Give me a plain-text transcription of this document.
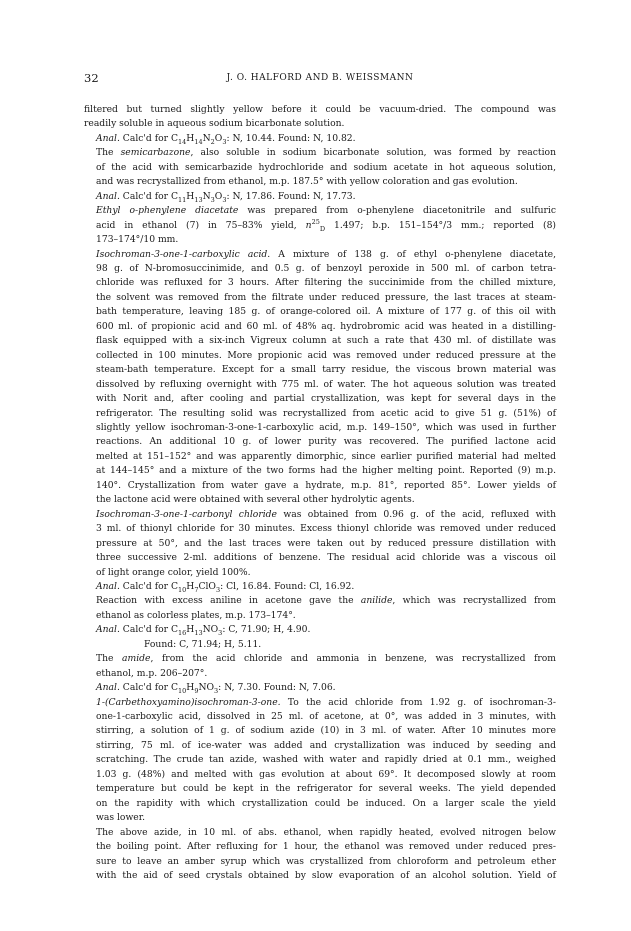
32	J. O. HALFORD AND B. WEISSMANN

filtered but turned slightly yellow before it could be vacuum-dried. The compound was
readily soluble in aqueous sodium bicarbonate solution.

Anal. Calc'd for $C_{14}H_{14}N_2O_3$: N, 10.44. Found: N, 10.82.

The semicarbazone, also soluble in sodium bicarbonate solution, was formed by reaction
of the acid with semicarbazide hydrochloride and sodium acetate in hot aqueous solution,
and was recrystallized from ethanol, m.p. 187.5° with yellow coloration and gas evolution.

Anal. Calc'd for $C_{11}H_{13}N_3O_3$: N, 17.86. Found: N, 17.73.

Ethyl o-phenylene diacetate was prepared from o-phenylene diacetonitrile and sulfuric
acid in ethanol (7) in 75–83% yield, $n^{25}_D$ 1.497; b.p. 151–154°/3 mm.; reported (8)
173–174°/10 mm.

Isochroman-3-one-1-carboxylic acid. A mixture of 138 g. of ethyl o-phenylene diacetate,
98 g. of N-bromosuccinimide, and 0.5 g. of benzoyl peroxide in 500 ml. of carbon tetra-
chloride was refluxed for 3 hours. After filtering the succinimide from the chilled mixture,
the solvent was removed from the filtrate under reduced pressure, the last traces at steam-
bath temperature, leaving 185 g. of orange-colored oil. A mixture of 177 g. of this oil with
600 ml. of propionic acid and 60 ml. of 48% aq. hydrobromic acid was heated in a distilling-
flask equipped with a six-inch Vigreux column at such a rate that 430 ml. of distillate was
collected in 100 minutes. More propionic acid was removed under reduced pressure at the
steam-bath temperature. Except for a small tarry residue, the viscous brown material was
dissolved by refluxing overnight with 775 ml. of water. The hot aqueous solution was treated
with Norit and, after cooling and partial crystallization, was kept for several days in the
refrigerator. The resulting solid was recrystallized from acetic acid to give 51 g. (51%) of
slightly yellow isochroman-3-one-1-carboxylic acid, m.p. 149–150°, which was used in further
reactions. An additional 10 g. of lower purity was recovered. The purified lactone acid
melted at 151–152° and was apparently dimorphic, since earlier purified material had melted
at 144–145° and a mixture of the two forms had the higher melting point. Reported (9) m.p.
140°. Crystallization from water gave a hydrate, m.p. 81°, reported 85°. Lower yields of
the lactone acid were obtained with several other hydrolytic agents.

Isochroman-3-one-1-carbonyl chloride was obtained from 0.96 g. of the acid, refluxed with
3 ml. of thionyl chloride for 30 minutes. Excess thionyl chloride was removed under reduced
pressure at 50°, and the last traces were taken out by reduced pressure distillation with
three successive 2-ml. additions of benzene. The residual acid chloride was a viscous oil
of light orange color, yield 100%.

Anal. Calc'd for $C_{10}H_7ClO_3$: Cl, 16.84. Found: Cl, 16.92.

Reaction with excess aniline in acetone gave the anilide, which was recrystallized from
ethanol as colorless plates, m.p. 173–174°.

Anal. Calc'd for $C_{16}H_{13}NO_3$: C, 71.90; H, 4.90.
Found: C, 71.94; H, 5.11.

The amide, from the acid chloride and ammonia in benzene, was recrystallized from
ethanol, m.p. 206–207°.

Anal. Calc'd for $C_{10}H_9NO_3$: N, 7.30. Found: N, 7.06.

1-(Carbethoxyamino)isochroman-3-one. To the acid chloride from 1.92 g. of isochroman-3-
one-1-carboxylic acid, dissolved in 25 ml. of acetone, at 0°, was added in 3 minutes, with
stirring, a solution of 1 g. of sodium azide (10) in 3 ml. of water. After 10 minutes more
stirring, 75 ml. of ice-water was added and crystallization was induced by seeding and
scratching. The crude tan azide, washed with water and rapidly dried at 0.1 mm., weighed
1.03 g. (48%) and melted with gas evolution at about 69°. It decomposed slowly at room
temperature but could be kept in the refrigerator for several weeks. The yield depended
on the rapidity with which crystallization could be induced. On a larger scale the yield
was lower.

The above azide, in 10 ml. of abs. ethanol, when rapidly heated, evolved nitrogen below
the boiling point. After refluxing for 1 hour, the ethanol was removed under reduced pres-
sure to leave an amber syrup which was crystallized from chloroform and petroleum ether
with the aid of seed crystals obtained by slow evaporation of an alcohol solution. Yield of
